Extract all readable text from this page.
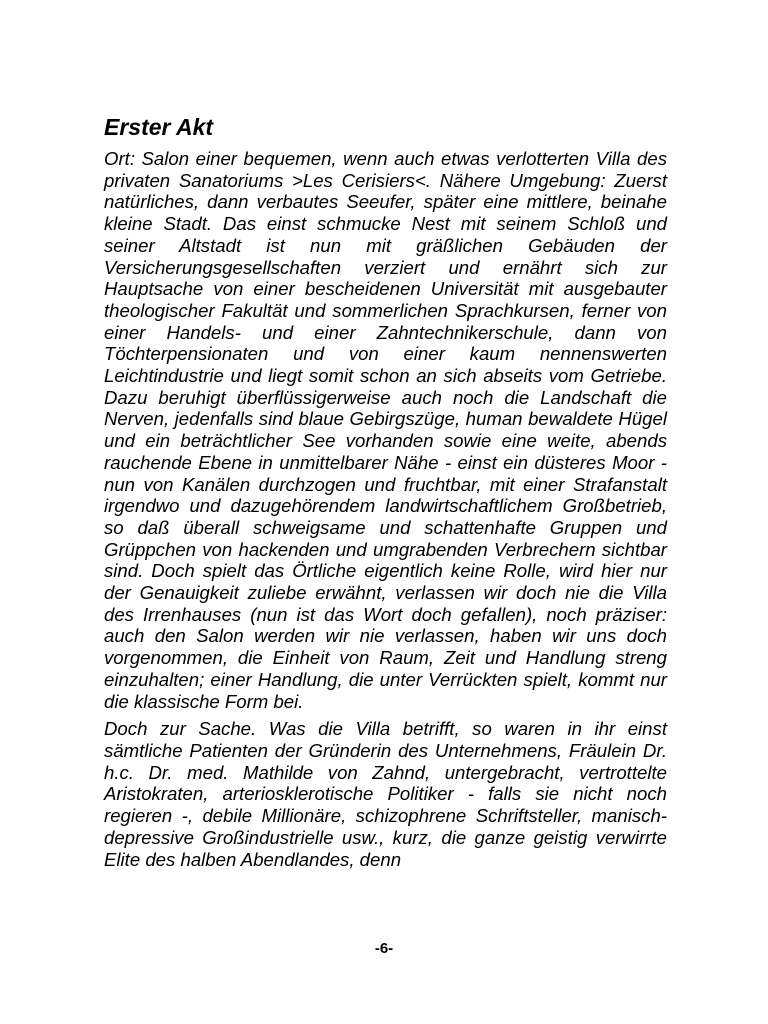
Erster Akt

Ort: Salon einer bequemen, wenn auch etwas verlotterten Villa des privaten Sanatoriums >Les Cerisiers<. Nähere Umgebung: Zuerst natürliches, dann verbautes Seeufer, später eine mittlere, beinahe kleine Stadt. Das einst schmucke Nest mit seinem Schloß und seiner Altstadt ist nun mit gräßlichen Gebäuden der Versicherungsgesellschaften verziert und ernährt sich zur Hauptsache von einer bescheidenen Universität mit ausgebauter theologischer Fakultät und sommerlichen Sprachkursen, ferner von einer Handels- und einer Zahntechnikerschule, dann von Töchterpensionaten und von einer kaum nennenswerten Leichtindustrie und liegt somit schon an sich abseits vom Getriebe. Dazu beruhigt überflüssigerweise auch noch die Landschaft die Nerven, jedenfalls sind blaue Gebirgszüge, human bewaldete Hügel und ein beträchtlicher See vorhanden sowie eine weite, abends rauchende Ebene in unmittelbarer Nähe - einst ein düsteres Moor - nun von Kanälen durchzogen und fruchtbar, mit einer Strafanstalt irgendwo und dazugehörendem landwirtschaftlichem Großbetrieb, so daß überall schweigsame und schattenhafte Gruppen und Grüppchen von hackenden und umgrabenden Verbrechern sichtbar sind. Doch spielt das Örtliche eigentlich keine Rolle, wird hier nur der Genauigkeit zuliebe erwähnt, verlassen wir doch nie die Villa des Irrenhauses (nun ist das Wort doch gefallen), noch präziser: auch den Salon werden wir nie verlassen, haben wir uns doch vorgenommen, die Einheit von Raum, Zeit und Handlung streng einzuhalten; einer Handlung, die unter Verrückten spielt, kommt nur die klassische Form bei.

Doch zur Sache. Was die Villa betrifft, so waren in ihr einst sämtliche Patienten der Gründerin des Unternehmens, Fräulein Dr. h.c. Dr. med. Mathilde von Zahnd, untergebracht, vertrottelte Aristokraten, arteriosklerotische Politiker - falls sie nicht noch regieren -, debile Millionäre, schizophrene Schriftsteller, manisch-depressive Großindustrielle usw., kurz, die ganze geistig verwirrte Elite des halben Abendlandes, denn

-6-
